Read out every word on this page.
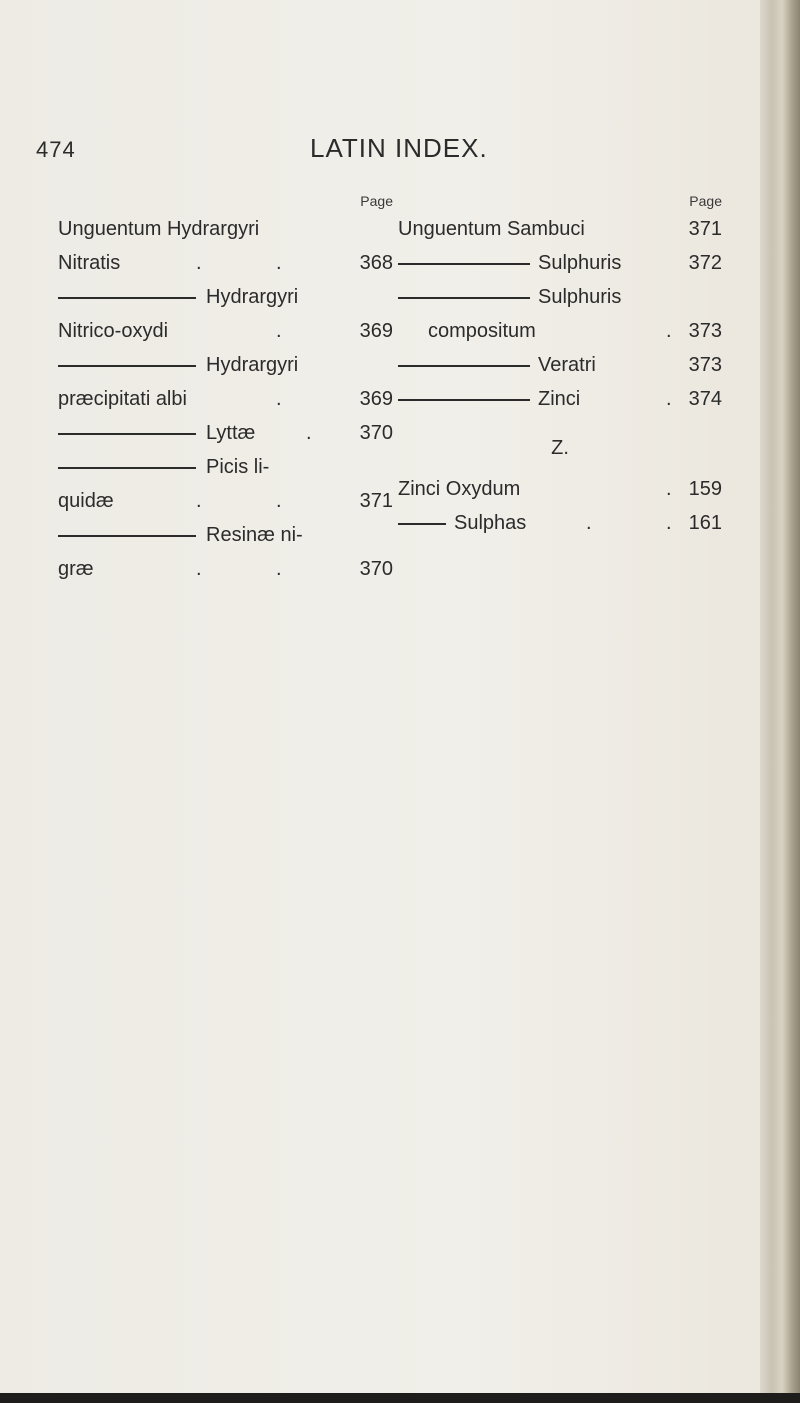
474	LATIN INDEX.
Page
Unguentum Hydrargyri
Nitratis	.	.	368
Hydrargyri
Nitrico-oxydi	.	369
Hydrargyri
præcipitati albi	.	369
Lyttæ	. 370
Picis li-
quidæ	.	.	371
Resinæ ni-
græ	.	.	370
Page
Unguentum Sambuci	371
Sulphuris	372
Sulphuris
compositum	. 373
Veratri	373
Zinci	. 374
Z.
Zinci Oxydum	. 159
Sulphas	.	. 161
